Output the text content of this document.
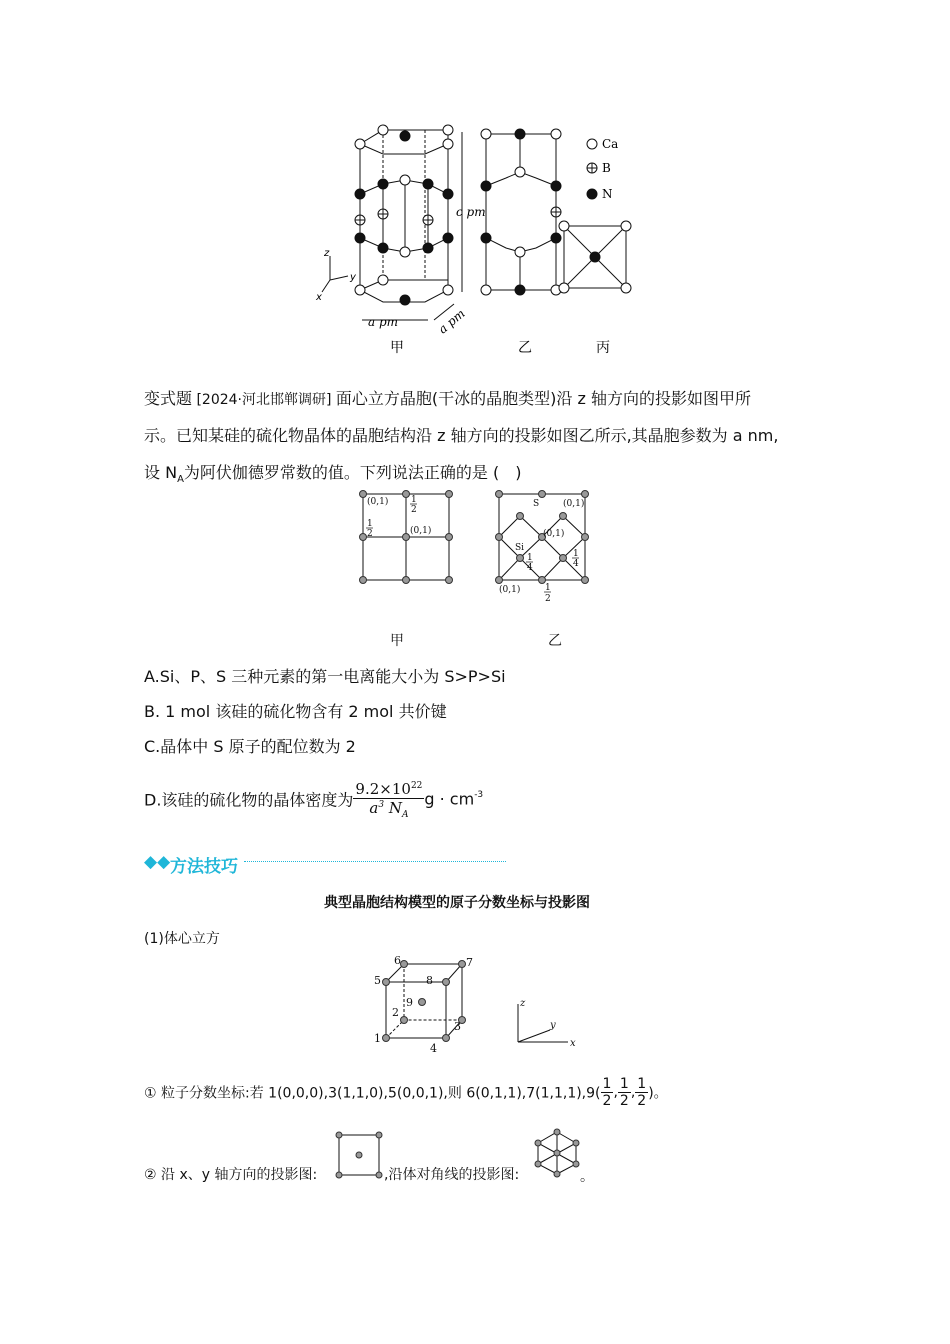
Ca
B
N
c pm
a pm	a pm
z
y
x
甲	乙	丙
变式题 [2024·河北邯郸调研] 面心立方晶胞(干冰的晶胞类型)沿 z 轴方向的投影如图甲所
示。已知某硅的硫化物晶体的晶胞结构沿 z 轴方向的投影如图乙所示,其晶胞参数为 a nm,
设 $N_A$为阿伏伽德罗常数的值。下列说法正确的是 (　)
(0,1)	1
2
1
2	(0,1)
S	(0,1)
(0,1)
Si
1
4
1
4
(0,1)	1
2
甲	乙
A.Si、P、S 三种元素的第一电离能大小为 S>P>Si
B. 1 mol 该硅的硫化物含有 2 mol 共价键
C.晶体中 S 原子的配位数为 2
D.该硅的硫化物的晶体密度为 $\frac{9.2\times 10^{22}}{a^3 N_A}$ $g \cdot cm^{-3}$
◆◆ 方法技巧
典型晶胞结构模型的原子分数坐标与投影图
(1)体心立方
1
2
3
4
5
6	7
8
9	z
y
x
① 粒子分数坐标:若 1(0,0,0),3(1,1,0),5(0,0,1),则 $6(0,1,1),7(1,1,1),9( \frac{1}{2}$ , $\frac{1}{2}$ , $\frac{1}{2}$ )。
② 沿 x、y 轴方向的投影图:	,沿体对角线的投影图:	。
